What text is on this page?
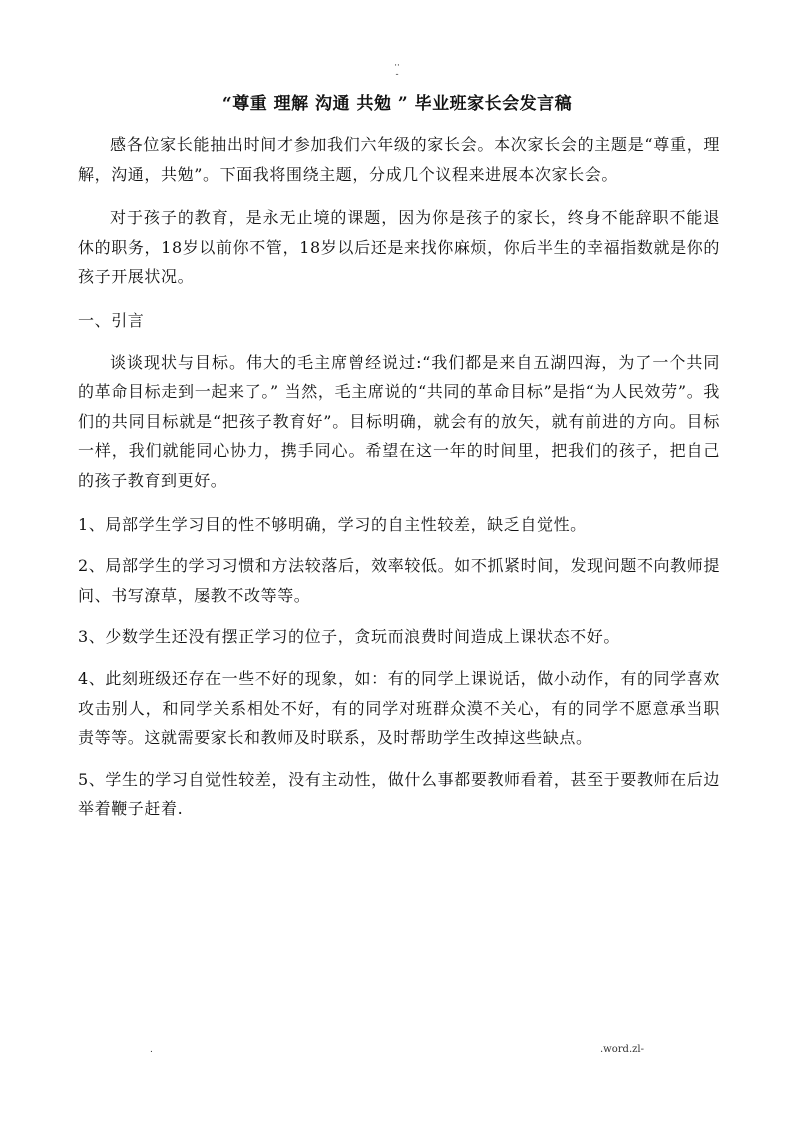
··
-
“尊重 理解 沟通 共勉 ” 毕业班家长会发言稿

感各位家长能抽出时间才参加我们六年级的家长会。本次家长会的主题是“尊重，理解，沟通，共勉”。下面我将围绕主题，分成几个议程来进展本次家长会。

对于孩子的教育，是永无止境的课题，因为你是孩子的家长，终身不能辞职不能退休的职务，18岁以前你不管，18岁以后还是来找你麻烦，你后半生的幸福指数就是你的孩子开展状况。

一、引言

谈谈现状与目标。伟大的毛主席曾经说过:“我们都是来自五湖四海，为了一个共同的革命目标走到一起来了。” 当然，毛主席说的“共同的革命目标”是指“为人民效劳”。我们的共同目标就是“把孩子教育好”。目标明确，就会有的放矢，就有前进的方向。目标一样，我们就能同心协力，携手同心。希望在这一年的时间里，把我们的孩子，把自己的孩子教育到更好。

1、局部学生学习目的性不够明确，学习的自主性较差，缺乏自觉性。

2、局部学生的学习习惯和方法较落后，效率较低。如不抓紧时间，发现问题不向教师提问、书写潦草，屡教不改等等。

3、少数学生还没有摆正学习的位子，贪玩而浪费时间造成上课状态不好。

4、此刻班级还存在一些不好的现象，如：有的同学上课说话，做小动作，有的同学喜欢攻击别人，和同学关系相处不好，有的同学对班群众漠不关心，有的同学不愿意承当职责等等。这就需要家长和教师及时联系，及时帮助学生改掉这些缺点。

5、学生的学习自觉性较差，没有主动性，做什么事都要教师看着，甚至于要教师在后边举着鞭子赶着.

.	.word.zl-
